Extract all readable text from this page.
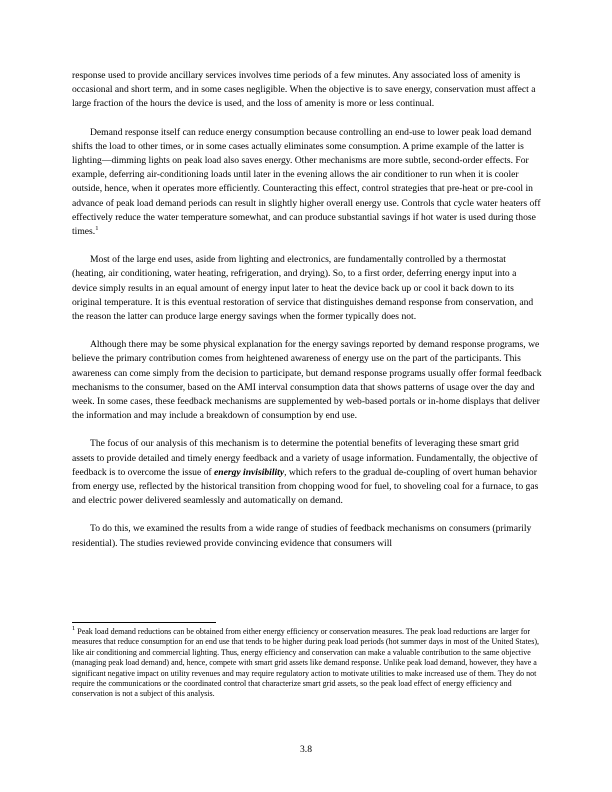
response used to provide ancillary services involves time periods of a few minutes. Any associated loss of amenity is occasional and short term, and in some cases negligible. When the objective is to save energy, conservation must affect a large fraction of the hours the device is used, and the loss of amenity is more or less continual.

Demand response itself can reduce energy consumption because controlling an end-use to lower peak load demand shifts the load to other times, or in some cases actually eliminates some consumption. A prime example of the latter is lighting—dimming lights on peak load also saves energy. Other mechanisms are more subtle, second-order effects. For example, deferring air-conditioning loads until later in the evening allows the air conditioner to run when it is cooler outside, hence, when it operates more efficiently. Counteracting this effect, control strategies that pre-heat or pre-cool in advance of peak load demand periods can result in slightly higher overall energy use. Controls that cycle water heaters off effectively reduce the water temperature somewhat, and can produce substantial savings if hot water is used during those times.$^1$

Most of the large end uses, aside from lighting and electronics, are fundamentally controlled by a thermostat (heating, air conditioning, water heating, refrigeration, and drying). So, to a first order, deferring energy input into a device simply results in an equal amount of energy input later to heat the device back up or cool it back down to its original temperature. It is this eventual restoration of service that distinguishes demand response from conservation, and the reason the latter can produce large energy savings when the former typically does not.

Although there may be some physical explanation for the energy savings reported by demand response programs, we believe the primary contribution comes from heightened awareness of energy use on the part of the participants. This awareness can come simply from the decision to participate, but demand response programs usually offer formal feedback mechanisms to the consumer, based on the AMI interval consumption data that shows patterns of usage over the day and week. In some cases, these feedback mechanisms are supplemented by web-based portals or in-home displays that deliver the information and may include a breakdown of consumption by end use.

The focus of our analysis of this mechanism is to determine the potential benefits of leveraging these smart grid assets to provide detailed and timely energy feedback and a variety of usage information. Fundamentally, the objective of feedback is to overcome the issue of energy invisibility, which refers to the gradual de-coupling of overt human behavior from energy use, reflected by the historical transition from chopping wood for fuel, to shoveling coal for a furnace, to gas and electric power delivered seamlessly and automatically on demand.

To do this, we examined the results from a wide range of studies of feedback mechanisms on consumers (primarily residential). The studies reviewed provide convincing evidence that consumers will

$^1$ Peak load demand reductions can be obtained from either energy efficiency or conservation measures. The peak load reductions are larger for measures that reduce consumption for an end use that tends to be higher during peak load periods (hot summer days in most of the United States), like air conditioning and commercial lighting. Thus, energy efficiency and conservation can make a valuable contribution to the same objective (managing peak load demand) and, hence, compete with smart grid assets like demand response. Unlike peak load demand, however, they have a significant negative impact on utility revenues and may require regulatory action to motivate utilities to make increased use of them. They do not require the communications or the coordinated control that characterize smart grid assets, so the peak load effect of energy efficiency and conservation is not a subject of this analysis.

3.8
